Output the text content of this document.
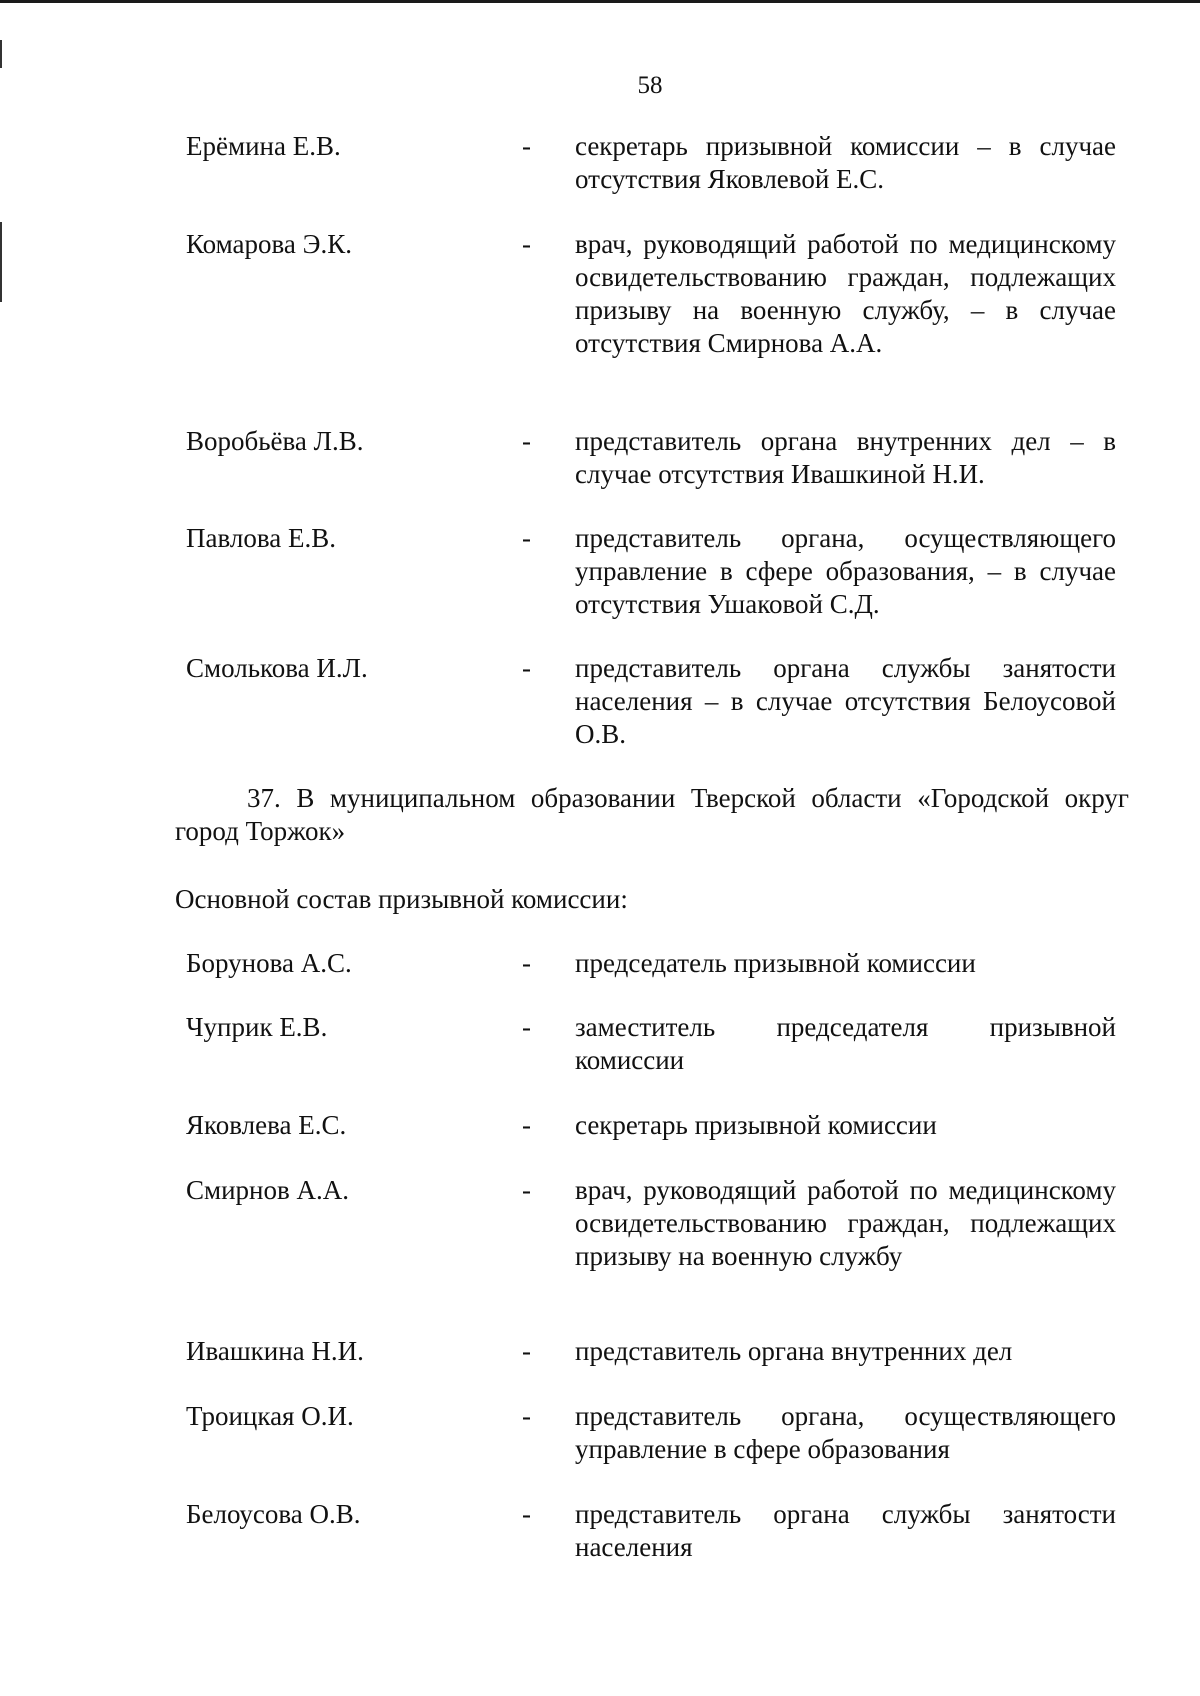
58
Ерёмина Е.В.	- секретарь призывной комиссии – в случае отсутствия Яковлевой Е.С.
Комарова Э.К.	- врач, руководящий работой по медицинскому освидетельствованию граждан, подлежащих призыву на военную службу, – в случае отсутствия Смирнова А.А.
Воробьёва Л.В.	- представитель органа внутренних дел – в случае отсутствия Ивашкиной Н.И.
Павлова Е.В.	- представитель органа, осуществляющего управление в сфере образования, – в случае отсутствия Ушаковой С.Д.
Смолькова И.Л.	- представитель органа службы занятости населения – в случае отсутствия Белоусовой О.В.
37. В муниципальном образовании Тверской области «Городской округ город Торжок»
Основной состав призывной комиссии:
Борунова А.С.	- председатель призывной комиссии
Чуприк Е.В.	- заместитель председателя призывной комиссии
Яковлева Е.С.	- секретарь призывной комиссии
Смирнов А.А.	- врач, руководящий работой по медицинскому освидетельствованию граждан, подлежащих призыву на военную службу
Ивашкина Н.И.	- представитель органа внутренних дел
Троицкая О.И.	- представитель органа, осуществляющего управление в сфере образования
Белоусова О.В.	- представитель органа службы занятости населения
